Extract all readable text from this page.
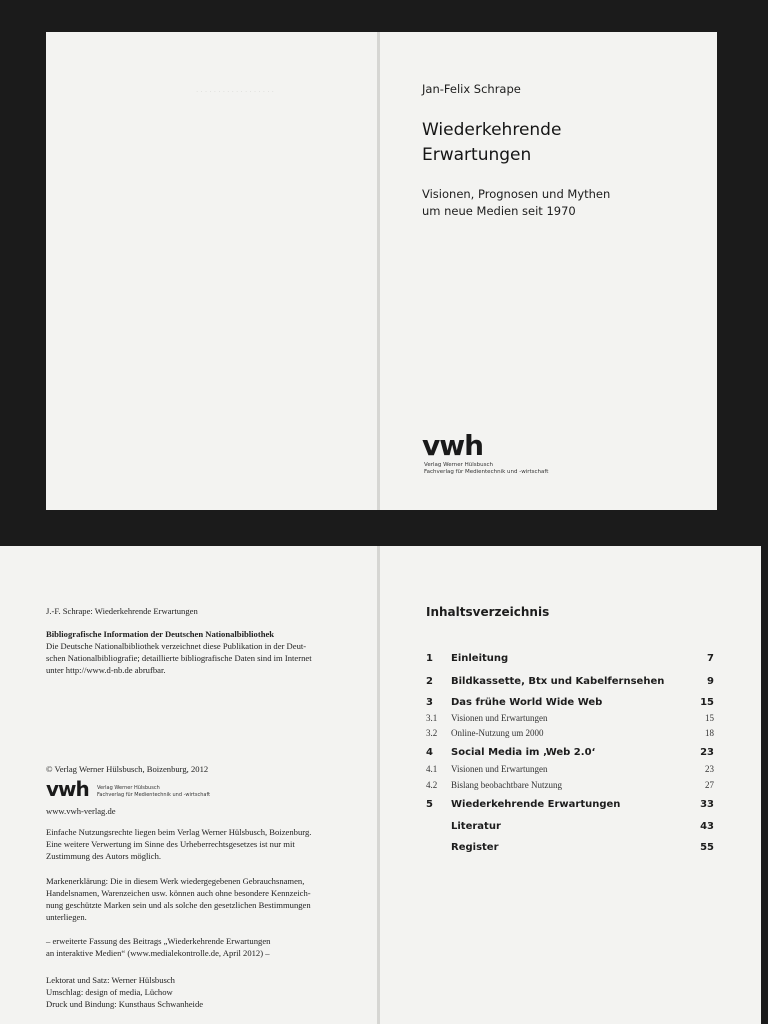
· · · · · · · · · · · · · · · · · ·	Jan-Felix Schrape
Wiederkehrende
Erwartungen
Visionen, Prognosen und Mythen
um neue Medien seit 1970
vwh
Verlag Werner Hülsbusch
Fachverlag für Medientechnik und -wirtschaft
J.-F. Schrape: Wiederkehrende Erwartungen
Bibliografische Information der Deutschen Nationalbibliothek
Die Deutsche Nationalbibliothek verzeichnet diese Publikation in der Deut-
schen Nationalbibliografie; detaillierte bibliografische Daten sind im Internet
unter http://www.d-nb.de abrufbar.
© Verlag Werner Hülsbusch, Boizenburg, 2012
vwh Verlag Werner Hülsbusch
Fachverlag für Medientechnik und -wirtschaft
www.vwh-verlag.de
Einfache Nutzungsrechte liegen beim Verlag Werner Hülsbusch, Boizenburg.
Eine weitere Verwertung im Sinne des Urheberrechtsgesetzes ist nur mit
Zustimmung des Autors möglich.
Markenerklärung: Die in diesem Werk wiedergegebenen Gebrauchsnamen,
Handelsnamen, Warenzeichen usw. können auch ohne besondere Kennzeich-
nung geschützte Marken sein und als solche den gesetzlichen Bestimmungen
unterliegen.
– erweiterte Fassung des Beitrags „Wiederkehrende Erwartungen
an interaktive Medien“ (www.medialekontrolle.de, April 2012) –
Lektorat und Satz: Werner Hülsbusch
Umschlag: design of media, Lüchow
Druck und Bindung: Kunsthaus Schwanheide
Inhaltsverzeichnis
1 Einleitung	7
2 Bildkassette, Btx und Kabelfernsehen	9
3 Das frühe World Wide Web	15
3.1 Visionen und Erwartungen	15
3.2 Online-Nutzung um 2000	18
4 Social Media im ‚Web 2.0‘	23
4.1 Visionen und Erwartungen	23
4.2 Bislang beobachtbare Nutzung	27
5 Wiederkehrende Erwartungen	33
Literatur	43
Register	55
